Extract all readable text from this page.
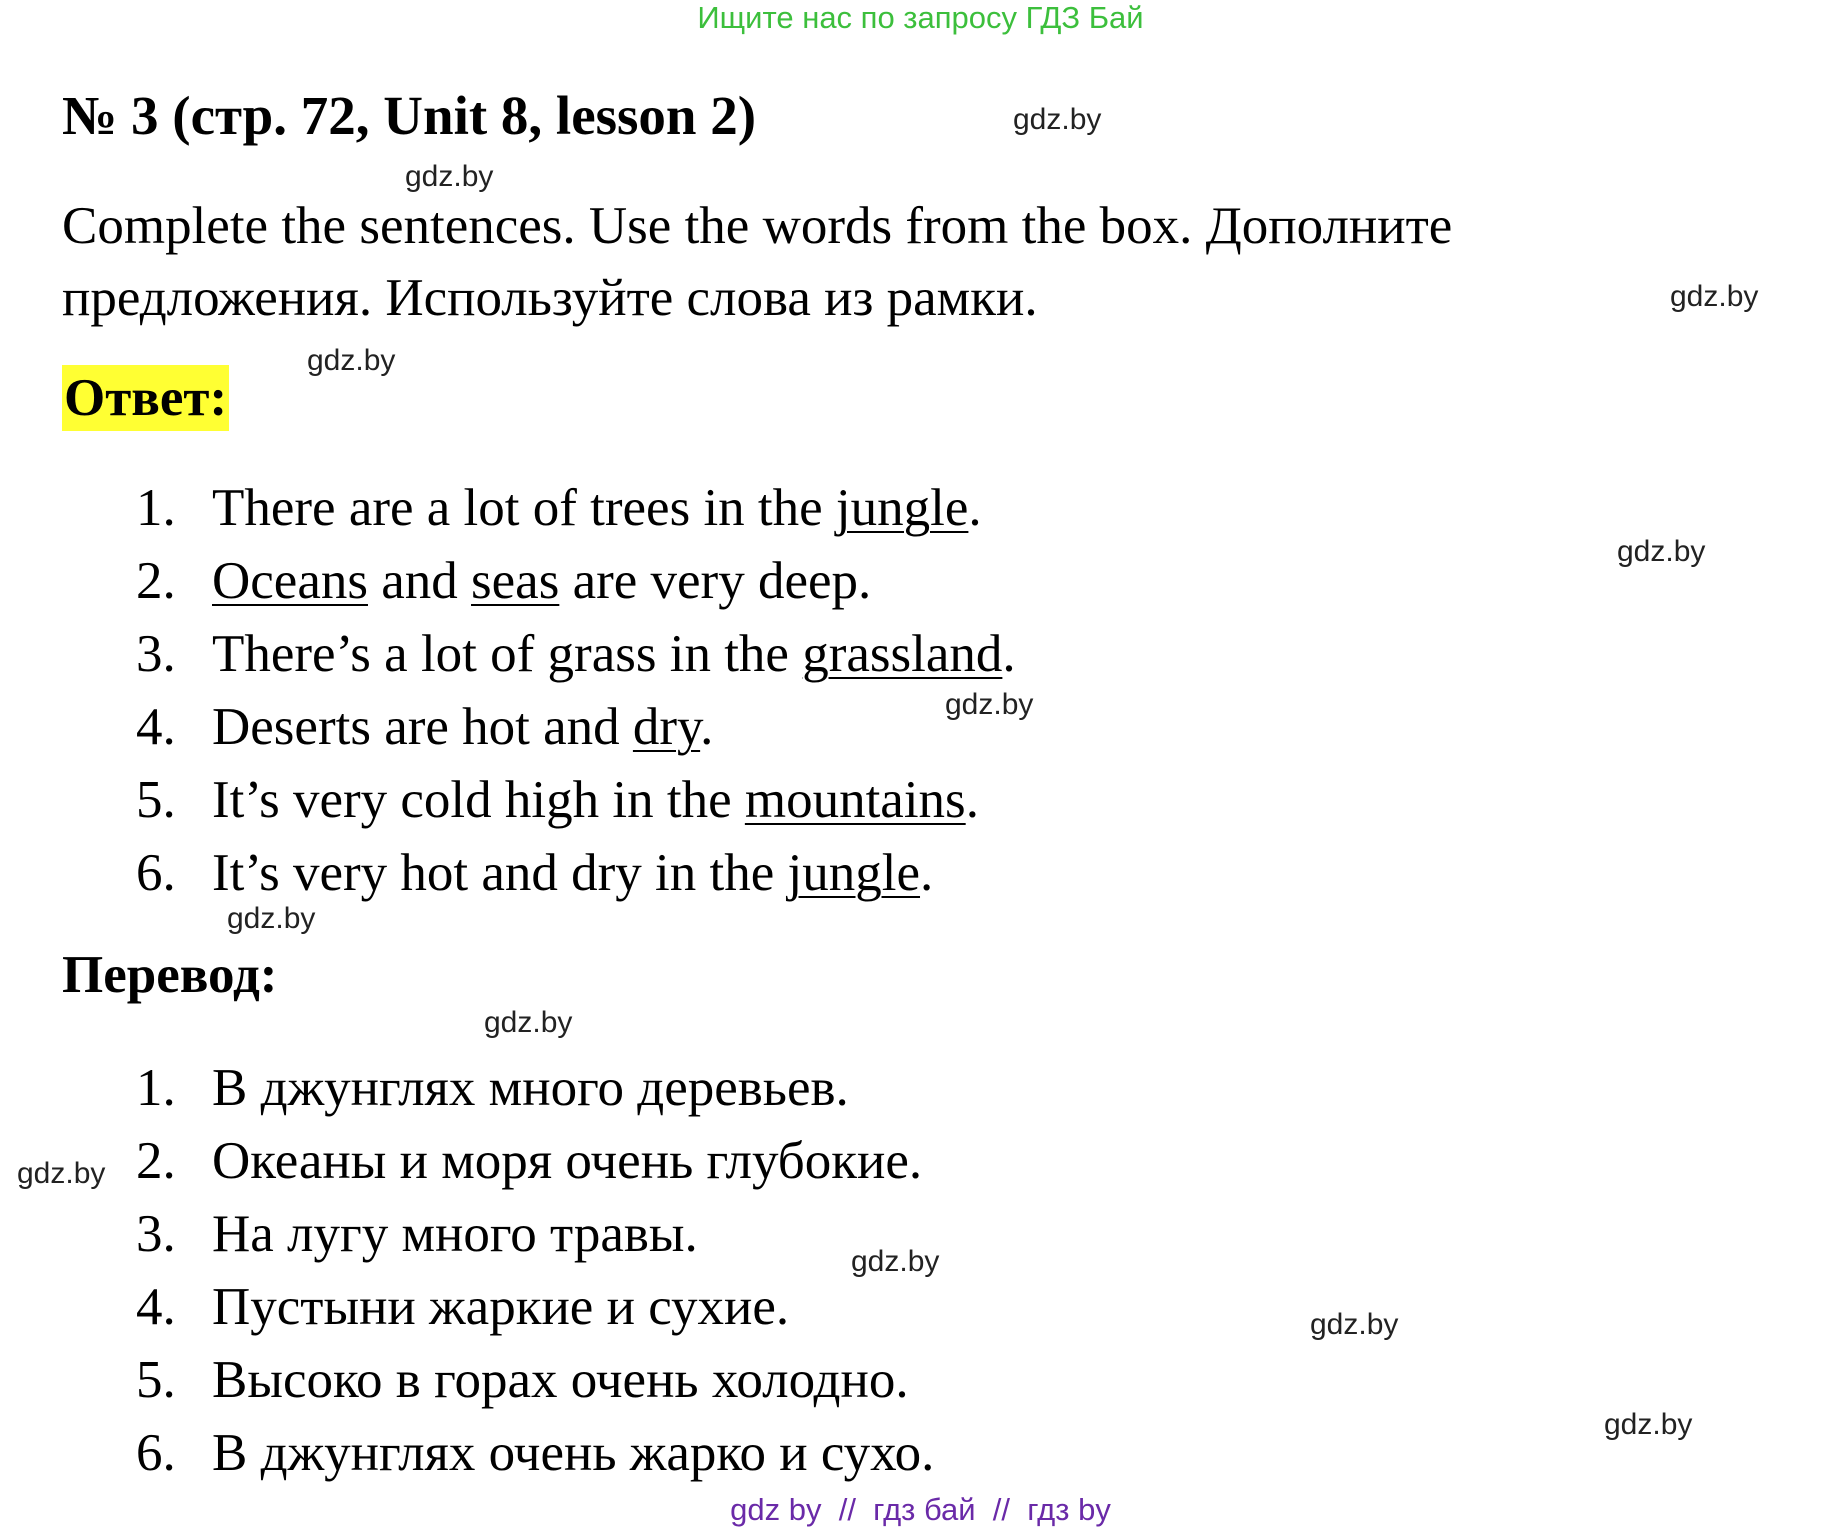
Ищите нас по запросу ГДЗ Бай
№ 3 (стр. 72, Unit 8, lesson 2)
Complete the sentences. Use the words from the box. Дополните
предложения. Используйте слова из рамки.
Ответ:
1. There are a lot of trees in the jungle.
2. Oceans and seas are very deep.
3. There’s a lot of grass in the grassland.
4. Deserts are hot and dry.
5. It’s very cold high in the mountains.
6. It’s very hot and dry in the jungle.
Перевод:
1. В джунглях много деревьев.
2. Океаны и моря очень глубокие.
3. На лугу много травы.
4. Пустыни жаркие и сухие.
5. Высоко в горах очень холодно.
6. В джунглях очень жарко и сухо.
gdz.by
gdz.by
gdz.by
gdz.by
gdz.by
gdz.by
gdz.by
gdz.by
gdz.by
gdz.by
gdz.by
gdz.by
gdz by  //  гдз бай  //  гдз by
